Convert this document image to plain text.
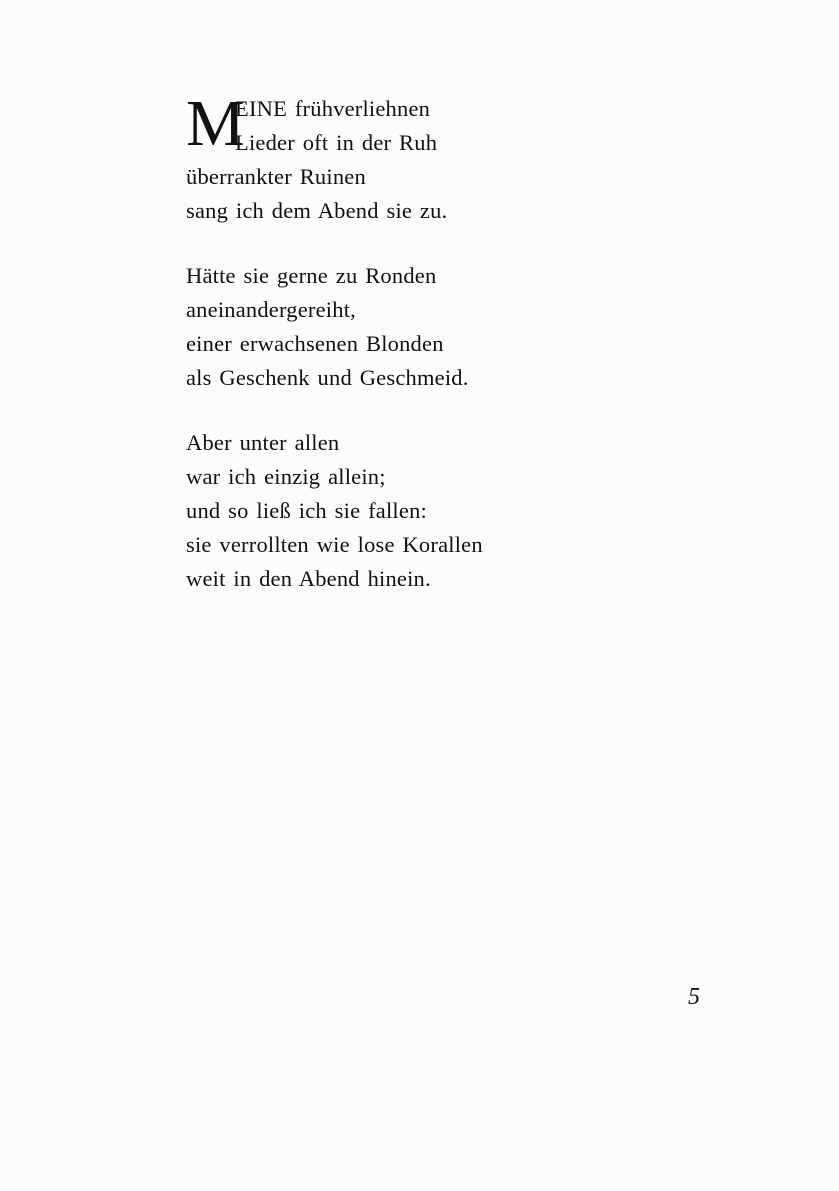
M
EINE frühverliehnen
Lieder oft in der Ruh
überrankter Ruinen
sang ich dem Abend sie zu.
Hätte sie gerne zu Ronden
aneinandergereiht,
einer erwachsenen Blonden
als Geschenk und Geschmeid.
Aber unter allen
war ich einzig allein;
und so ließ ich sie fallen:
sie verrollten wie lose Korallen
weit in den Abend hinein.
5
